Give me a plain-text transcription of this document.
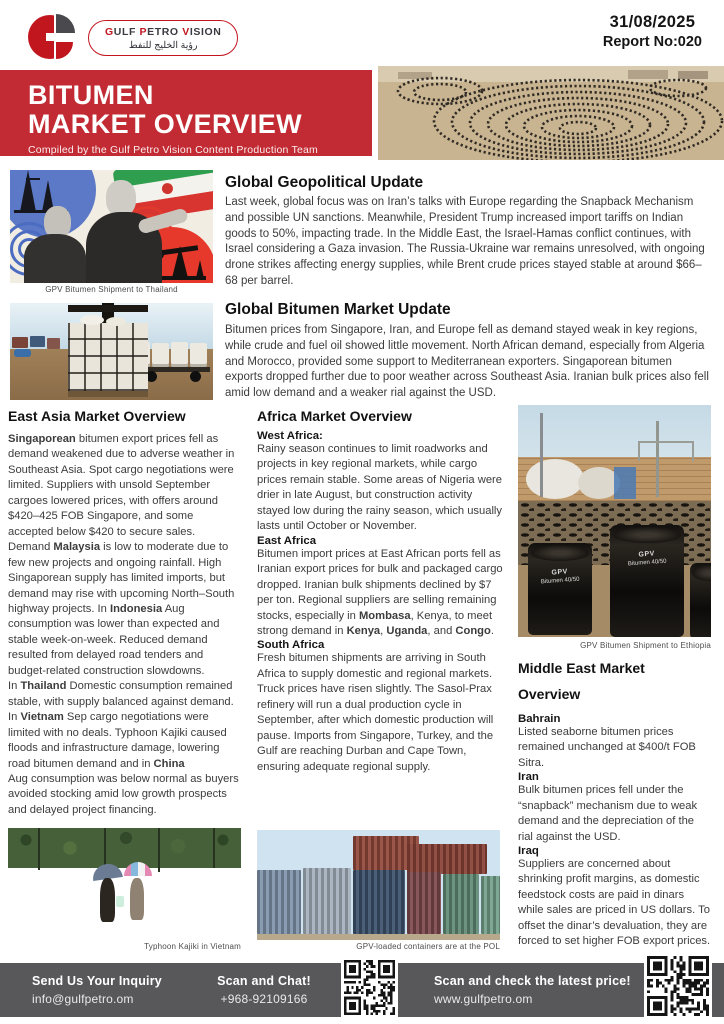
GULF PETRO VISION

رؤية الخليج للنفط
31/08/2025
Report No:020
BITUMEN
MARKET OVERVIEW
Compiled by the Gulf Petro Vision Content Production Team
Global Geopolitical Update
Last week, global focus was on Iran’s talks with Europe regarding the Snapback Mechanism and possible UN sanctions. Meanwhile, President Trump increased import tariffs on Indian goods to 50%, impacting trade. In the Middle East, the Israel-Hamas conflict continues, with Israel considering a Gaza invasion. The Russia-Ukraine war remains unresolved, with ongoing drone strikes affecting energy supplies, while Brent crude prices stayed stable at around $66–68 per barrel.
GPV Bitumen Shipment to Thailand
Global Bitumen Market Update
Bitumen prices from Singapore, Iran, and Europe fell as demand stayed weak in key regions, while crude and fuel oil showed little movement. North African demand, especially from Algeria and Morocco, provided some support to Mediterranean exporters. Singaporean bitumen exports dropped further due to poor weather across Southeast Asia. Iranian bulk prices also fell amid low demand and a weaker rial against the USD.
East Asia Market Overview

Singaporean bitumen export prices fell as demand weakened due to adverse weather in Southeast Asia. Spot cargo negotiations were limited. Suppliers with unsold September cargoes lowered prices, with offers around $420–425 FOB Singapore, and some accepted below $420 to secure sales. Demand Malaysia is low to moderate due to few new projects and ongoing rainfall. High Singaporean supply has limited imports, but demand may rise with upcoming North–South highway projects. In Indonesia Aug consumption was lower than expected and stable week-on-week. Reduced demand resulted from delayed road tenders and budget-related construction slowdowns.

In Thailand Domestic consumption remained stable, with supply balanced against demand.

In Vietnam Sep cargo negotiations were limited with no deals. Typhoon Kajiki caused floods and infrastructure damage, lowering road bitumen demand and in China

Aug consumption was below normal as buyers avoided stocking amid low growth prospects and delayed project financing.

Africa Market Overview
West Africa:

Rainy season continues to limit roadworks and projects in key regional markets, while cargo prices remain stable. Some areas of Nigeria were drier in late August, but construction activity stayed low during the rainy season, which usually lasts until October or November.

East Africa

Bitumen import prices at East African ports fell as Iranian export prices for bulk and packaged cargo dropped. Iranian bulk shipments declined by $7 per ton. Regional suppliers are selling remaining stocks, especially in Mombasa, Kenya, to meet strong demand in Kenya, Uganda, and Congo.

South Africa

Fresh bitumen shipments are arriving in South Africa to supply domestic and regional markets. Truck prices have risen slightly. The Sasol-Prax refinery will run a dual production cycle in September, after which domestic production will pause. Imports from Singapore, Turkey, and the Gulf are reaching Durban and Cape Town, ensuring adequate regional supply.

GPV
Bitumen 40/50
GPV
Bitumen 40/50
GPV Bitumen Shipment to Ethiopia
Middle East Market Overview
Bahrain

Listed seaborne bitumen prices remained unchanged at $400/t FOB Sitra.

Iran

Bulk bitumen prices fell under the “snapback” mechanism due to weak demand and the depreciation of the rial against the USD.

Iraq

Suppliers are concerned about shrinking profit margins, as domestic feedstock costs are paid in dinars while sales are priced in US dollars. To offset the dinar’s devaluation, they are forced to set higher FOB export prices.

Typhoon Kajiki in Vietnam	GPV-loaded containers are at the POL
Send Us Your Inquiry
info@gulfpetro.om
Scan and Chat!
+968-92109166
Scan and check the latest price!
www.gulfpetro.om
